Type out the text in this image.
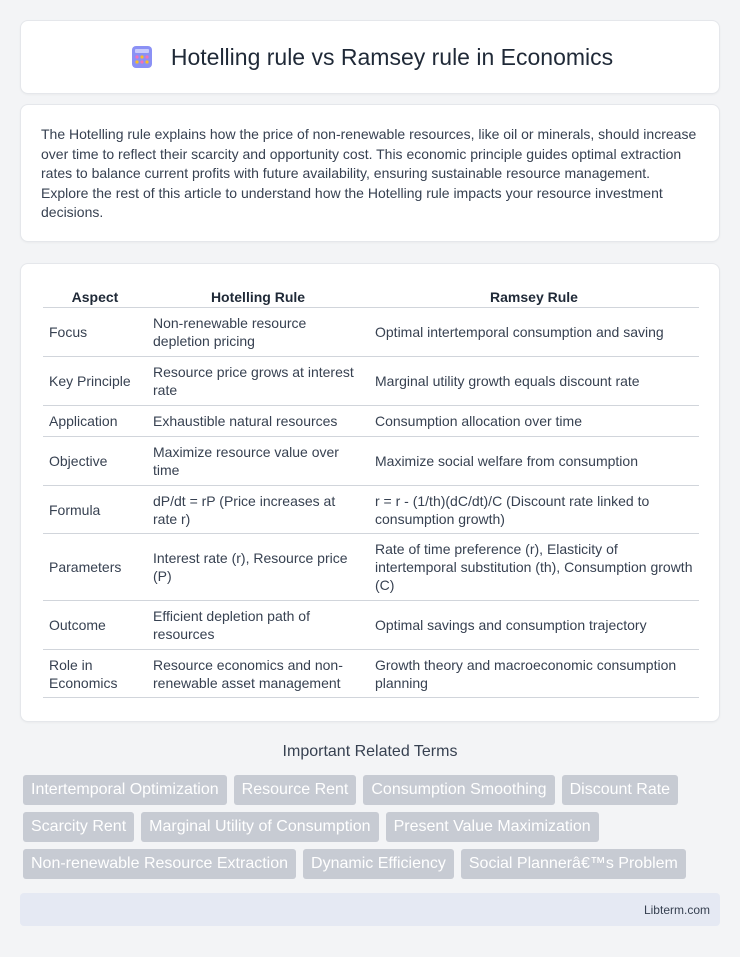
Hotelling rule vs Ramsey rule in Economics

The Hotelling rule explains how the price of non-renewable resources, like oil or minerals, should increase over time to reflect their scarcity and opportunity cost. This economic principle guides optimal extraction rates to balance current profits with future availability, ensuring sustainable resource management. Explore the rest of this article to understand how the Hotelling rule impacts your resource investment decisions.

Aspect	Hotelling Rule	Ramsey Rule
Focus	Non-renewable resource depletion pricing	Optimal intertemporal consumption and saving
Key Principle	Resource price grows at interest rate	Marginal utility growth equals discount rate
Application	Exhaustible natural resources	Consumption allocation over time
Objective	Maximize resource value over time	Maximize social welfare from consumption
Formula	dP/dt = rP (Price increases at rate r)	r = r - (1/th)(dC/dt)/C (Discount rate linked to consumption growth)
Parameters	Interest rate (r), Resource price (P)	Rate of time preference (r), Elasticity of intertemporal substitution (th), Consumption growth (C)
Outcome	Efficient depletion path of resources	Optimal savings and consumption trajectory
Role in Economics	Resource economics and non-renewable asset management	Growth theory and macroeconomic consumption planning
Important Related Terms
Intertemporal Optimization	Resource Rent	Consumption Smoothing	Discount Rate
Scarcity Rent	Marginal Utility of Consumption	Present Value Maximization
Non-renewable Resource Extraction	Dynamic Efficiency	Social Plannerâ€™s Problem
Libterm.com
